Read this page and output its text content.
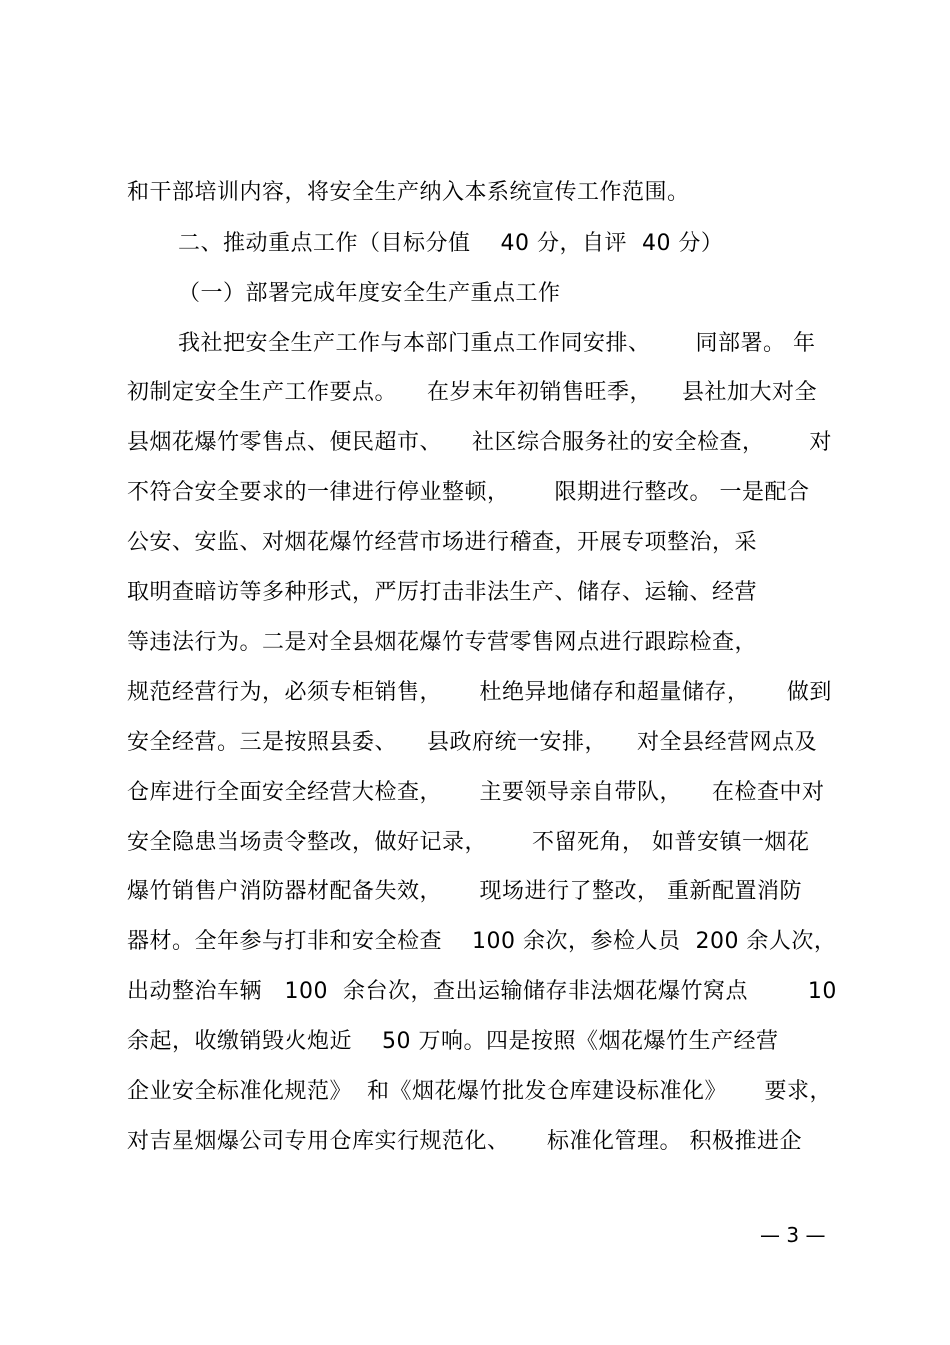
和干部培训内容，将安全生产纳入本系统宣传工作范围。
二、推动重点工作（目标分值    40 分，自评  40 分）
（一）部署完成年度安全生产重点工作
我社把安全生产工作与本部门重点工作同安排、      同部署。 年
初制定安全生产工作要点。    在岁末年初销售旺季，    县社加大对全
县烟花爆竹零售点、便民超市、    社区综合服务社的安全检查，      对
不符合安全要求的一律进行停业整顿，      限期进行整改。 一是配合
公安、安监、对烟花爆竹经营市场进行稽查，开展专项整治，采
取明查暗访等多种形式，严厉打击非法生产、储存、运输、经营
等违法行为。二是对全县烟花爆竹专营零售网点进行跟踪检查，
规范经营行为，必须专柜销售，     杜绝异地储存和超量储存，     做到
安全经营。三是按照县委、    县政府统一安排，    对全县经营网点及
仓库进行全面安全经营大检查，     主要领导亲自带队，    在检查中对
安全隐患当场责令整改，做好记录，      不留死角， 如普安镇一烟花
爆竹销售户消防器材配备失效，     现场进行了整改， 重新配置消防
器材。全年参与打非和安全检查    100 余次，参检人员  200 余人次，
出动整治车辆   100  余台次，查出运输储存非法烟花爆竹窝点        10
余起，收缴销毁火炮近    50 万响。四是按照《烟花爆竹生产经营
企业安全标准化规范》  和《烟花爆竹批发仓库建设标准化》     要求，
对吉星烟爆公司专用仓库实行规范化、     标准化管理。 积极推进企
— 3 —
